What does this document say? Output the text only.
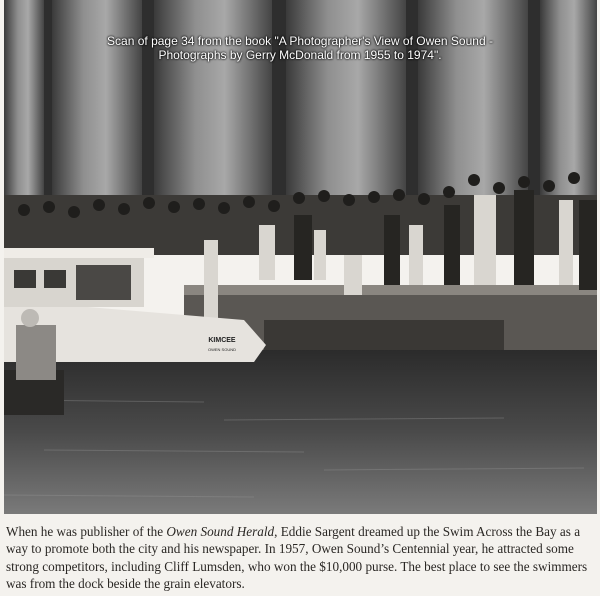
KIMCEE
OWEN SOUND
Scan of page 34 from the book "A Photographer's View of Owen Sound -
Photographs by Gerry McDonald from 1955 to 1974".
When he was publisher of the Owen Sound Herald, Eddie Sargent dreamed up the Swim Across the Bay as a way to promote both the city and his newspaper. In 1957, Owen Sound’s Centennial year, he attracted some strong competitors, including Cliff Lumsden, who won the $10,000 purse. The best place to see the swimmers was from the dock beside the grain elevators.
